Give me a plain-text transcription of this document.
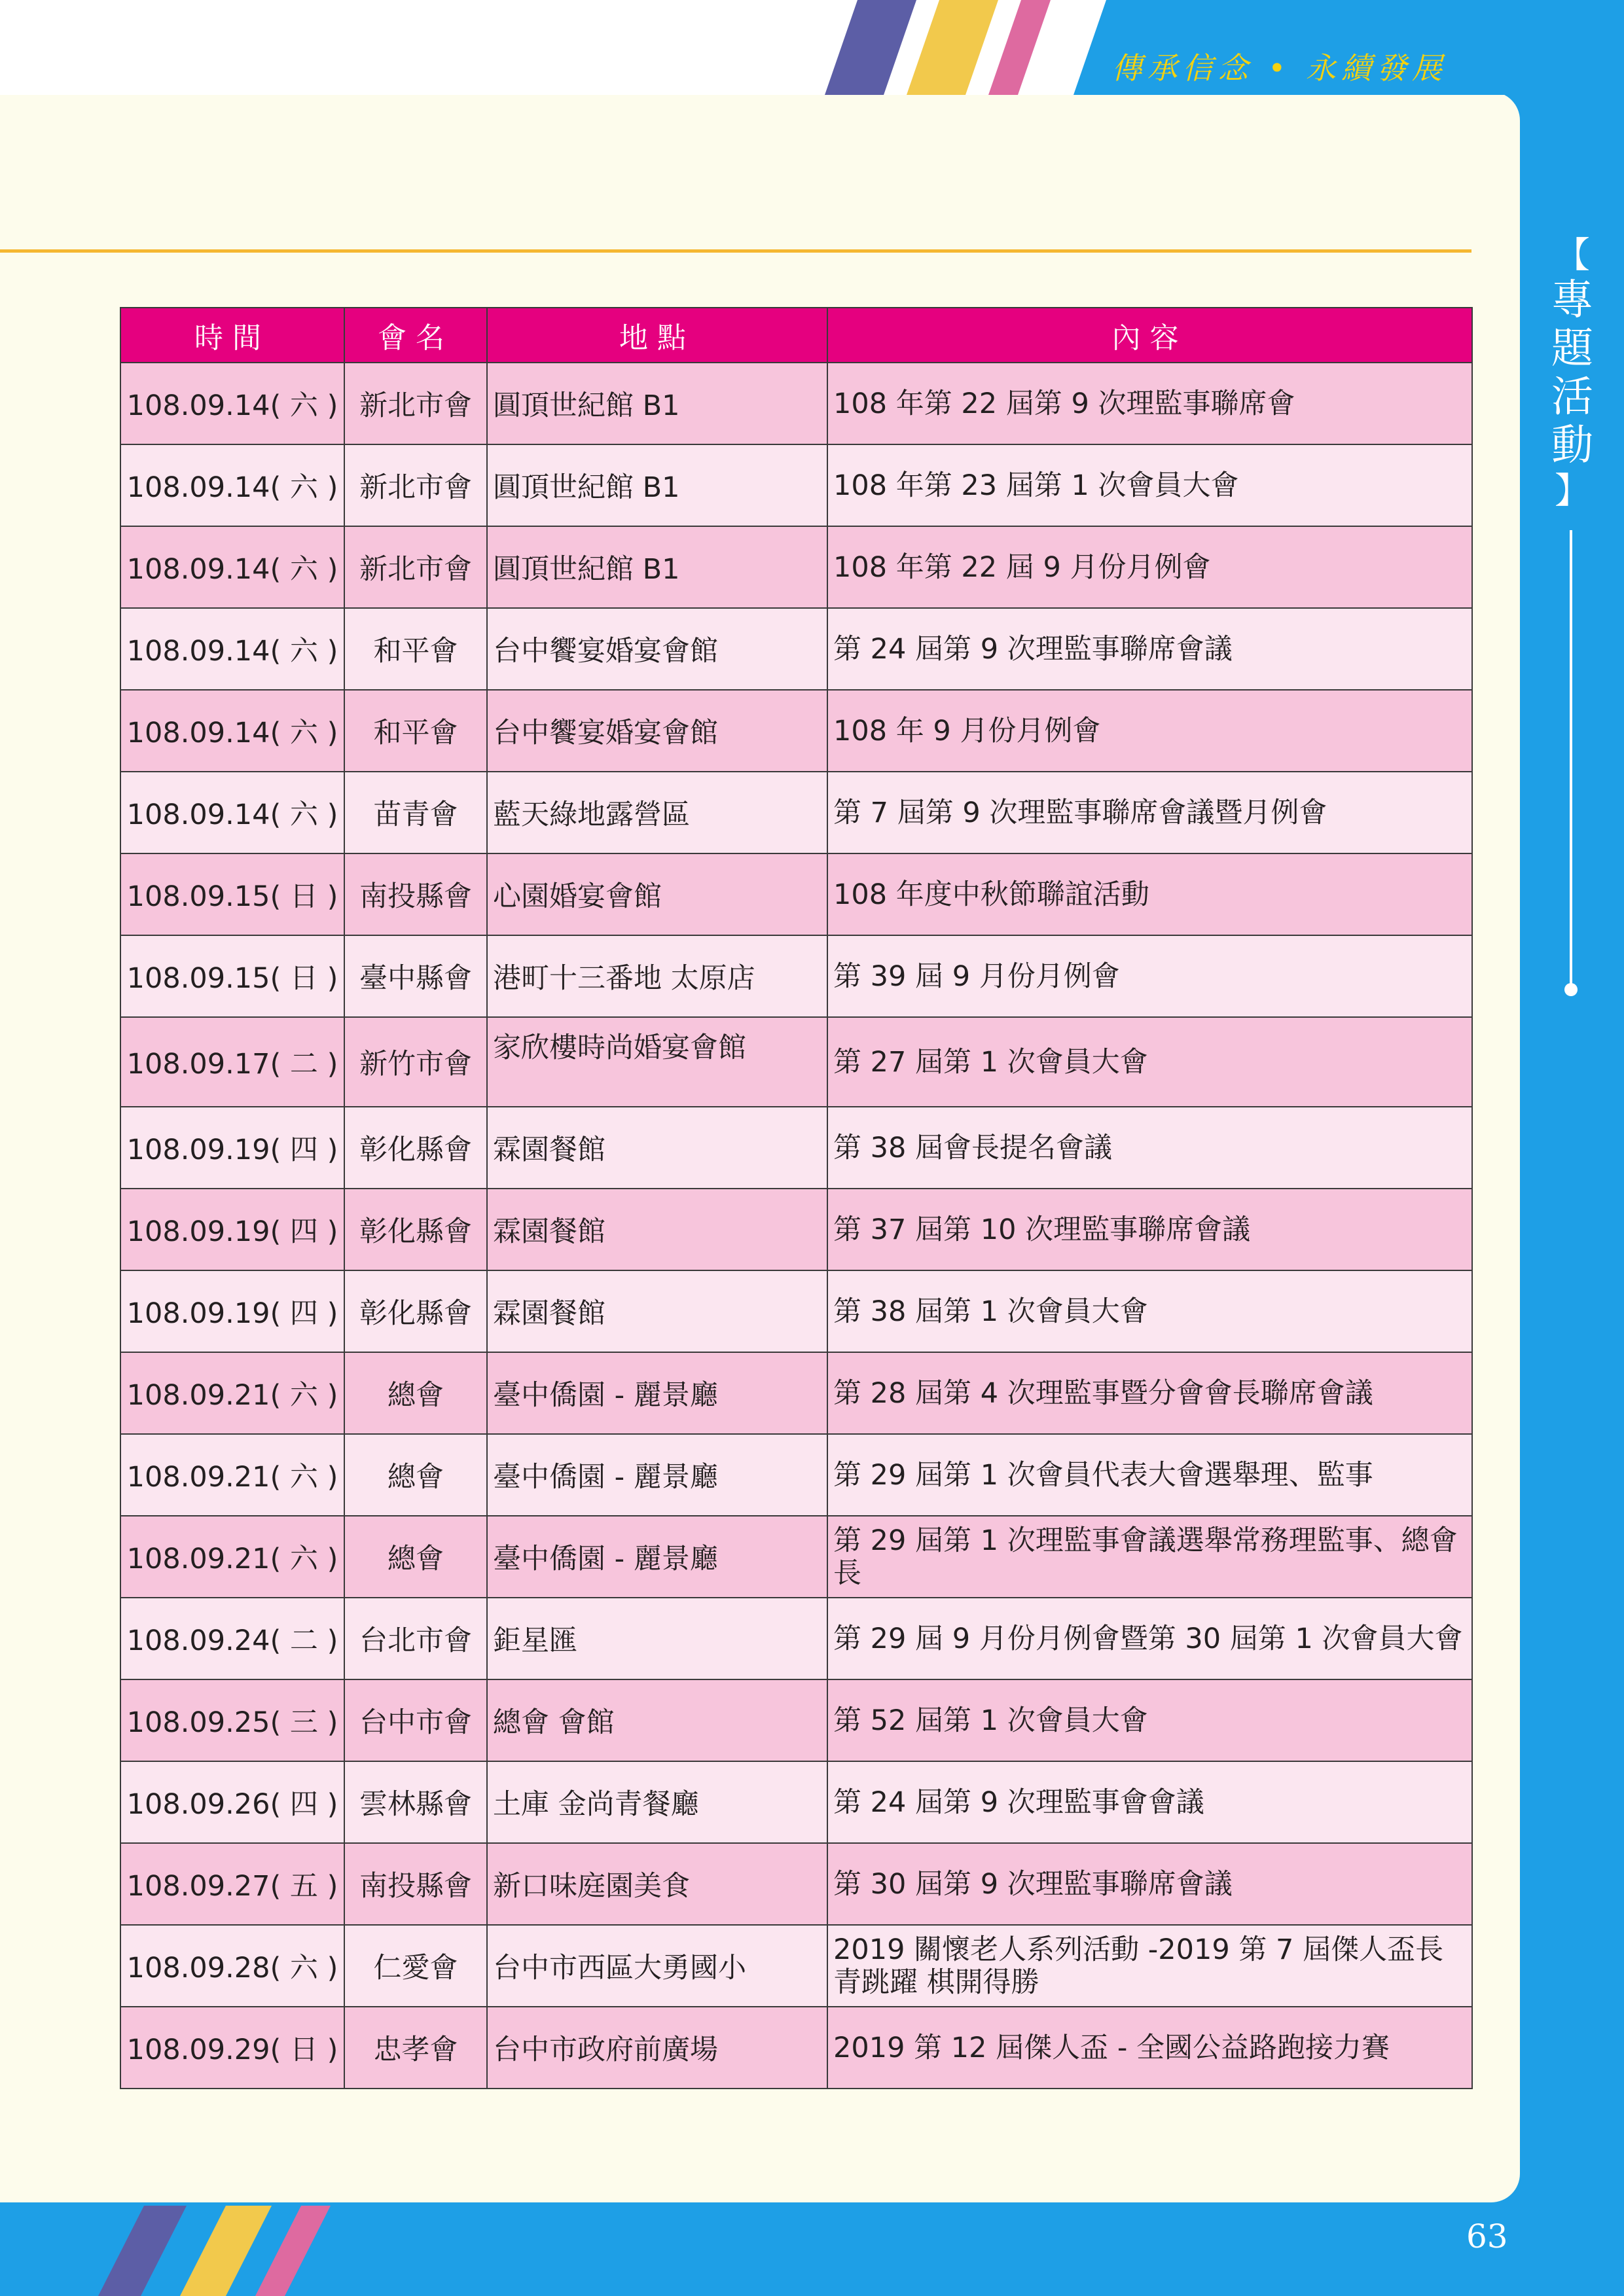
傳承信念 • 永續發展
【
專
題
活
動
】
時間	會名	地點	內容
108.09.14( 六 )	新北市會	圓頂世紀館 B1	108 年第 22 屆第 9 次理監事聯席會
108.09.14( 六 )	新北市會	圓頂世紀館 B1	108 年第 23 屆第 1 次會員大會
108.09.14( 六 )	新北市會	圓頂世紀館 B1	108 年第 22 屆 9 月份月例會
108.09.14( 六 )	和平會	台中饗宴婚宴會館	第 24 屆第 9 次理監事聯席會議
108.09.14( 六 )	和平會	台中饗宴婚宴會館	108 年 9 月份月例會
108.09.14( 六 )	苗青會	藍天綠地露營區	第 7 屆第 9 次理監事聯席會議暨月例會
108.09.15( 日 )	南投縣會	心園婚宴會館	108 年度中秋節聯誼活動
108.09.15( 日 )	臺中縣會	港町十三番地 太原店	第 39 屆 9 月份月例會
108.09.17( 二 )	新竹市會	家欣樓時尚婚宴會館	第 27 屆第 1 次會員大會
108.09.19( 四 )	彰化縣會	霖園餐館	第 38 屆會長提名會議
108.09.19( 四 )	彰化縣會	霖園餐館	第 37 屆第 10 次理監事聯席會議
108.09.19( 四 )	彰化縣會	霖園餐館	第 38 屆第 1 次會員大會
108.09.21( 六 )	總會	臺中僑園 - 麗景廳	第 28 屆第 4 次理監事暨分會會長聯席會議
108.09.21( 六 )	總會	臺中僑園 - 麗景廳	第 29 屆第 1 次會員代表大會選舉理、監事
108.09.21( 六 )	總會	臺中僑園 - 麗景廳	第 29 屆第 1 次理監事會議選舉常務理監事、總會長
108.09.24( 二 )	台北市會	鉅星匯	第 29 屆 9 月份月例會暨第 30 屆第 1 次會員大會
108.09.25( 三 )	台中市會	總會 會館	第 52 屆第 1 次會員大會
108.09.26( 四 )	雲林縣會	土庫 金尚青餐廳	第 24 屆第 9 次理監事會會議
108.09.27( 五 )	南投縣會	新口味庭園美食	第 30 屆第 9 次理監事聯席會議
108.09.28( 六 )	仁愛會	台中市西區大勇國小	2019 關懷老人系列活動 -2019 第 7 屆傑人盃長青跳躍 棋開得勝
108.09.29( 日 )	忠孝會	台中市政府前廣場	2019 第 12 屆傑人盃 - 全國公益路跑接力賽
63
